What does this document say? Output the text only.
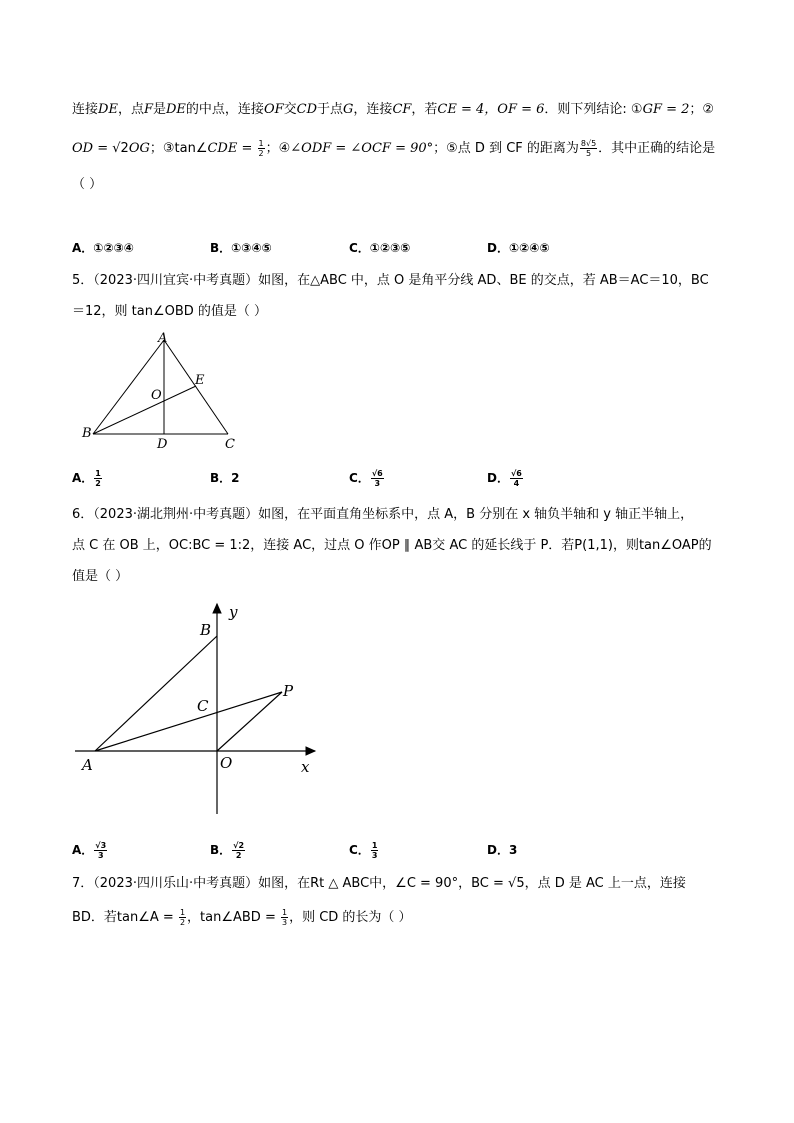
连接DE，点F是DE的中点，连接OF交CD于点G，连接CF，若CE = 4，OF = 6．则下列结论: ①GF = 2；②
OD = √2OG；③tan∠CDE = $\frac{1}{2}$ ；④∠ODF = ∠OCF = 90°；⑤点 D 到 CF 的距离为 $\frac{8√5}{5}$ ．其中正确的结论是
（ ）
A．①②③④	B．①③④⑤	C．①②③⑤	D．①②④⑤
5．（2023·四川宜宾·中考真题）如图，在△ABC 中，点 O 是角平分线 AD、BE 的交点，若 AB＝AC＝10，BC
＝12，则 tan∠OBD 的值是（ ）
A
B
C
D
E
O
A． $\frac{1}{2}$	B．2	C． $\frac{√6}{3}$	D． $\frac{√6}{4}$
6．（2023·湖北荆州·中考真题）如图，在平面直角坐标系中，点 A，B 分别在 x 轴负半轴和 y 轴正半轴上，
点 C 在 OB 上，OC:BC = 1:2，连接 AC，过点 O 作OP ∥ AB交 AC 的延长线于 P．若P(1,1)，则tan∠OAP的
值是（ ）
A
B
C
P
O	x
y
A． $\frac{√3}{3}$	B． $\frac{√2}{2}$	C． $\frac{1}{3}$	D．3
7．（2023·四川乐山·中考真题）如图，在Rt △ ABC中，∠C = 90°，BC = √5，点 D 是 AC 上一点，连接
BD．若tan∠A = $\frac{1}{2}$ ，tan∠ABD = $\frac{1}{3}$ ，则 CD 的长为（ ）
